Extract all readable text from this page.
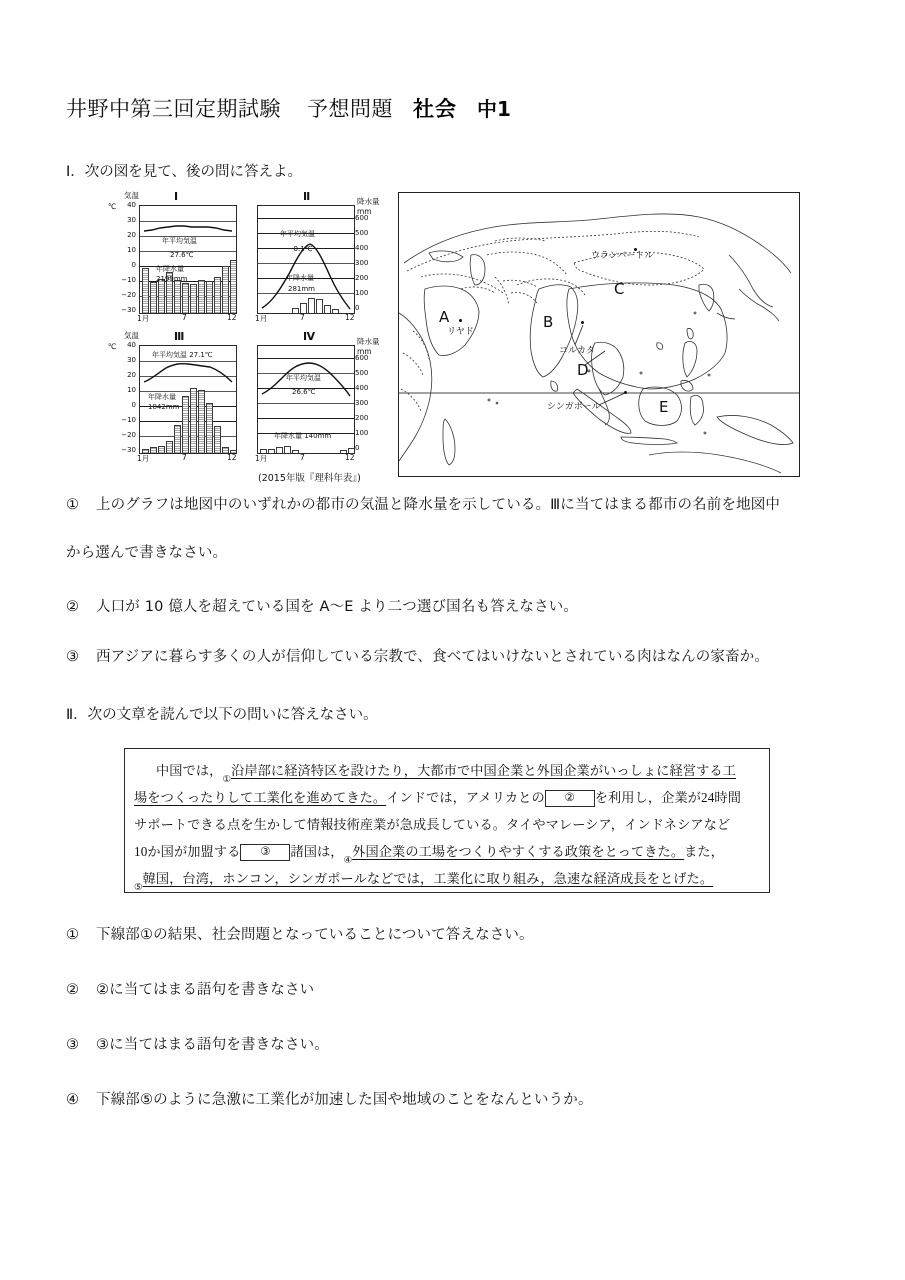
井野中第三回定期試験 予想問題 社会 中1
Ⅰ．次の図を見て、後の問に答えよ。
気温	Ⅰ
℃	40
30
20
10
0
−10
−20
−30
年平均気温
27.6℃
年降水量
2199mm
1月	7	12
Ⅱ	降水量
mm
600
500
400
300
200
100
0
年平均気温
-0.1℃
年降水量
281mm
1月	7	12
気温	Ⅲ
℃	40
30
20
10
0
−10
−20
−30
年平均気温 27.1℃
年降水量
1842mm
1月	7	12
Ⅳ	降水量
mm
600
500
400
300
200
100
0
年平均気温
26.6℃
年降水量 140mm
1月	7	12
(2015年版『理科年表』)
A	B
C
D
E
リヤド
ウランバートル
コルカタ
シンガポール
① 上のグラフは地図中のいずれかの都市の気温と降水量を示している。Ⅲに当てはまる都市の名前を地図中
から選んで書きなさい。
② 人口が 10 億人を超えている国を A〜E より二つ選び国名も答えなさい。
③ 西アジアに暮らす多くの人が信仰している宗教で、食べてはいけないとされている肉はなんの家畜か。
Ⅱ．次の文章を読んで以下の問いに答えなさい。
中国では，$_①$沿岸部に経済特区を設けたり，大都市で中国企業と外国企業がいっしょに経営する工
場をつくったりして工業化を進めてきた。インドでは，アメリカとの ② を利用し，企業が24時間
サポートできる点を生かして情報技術産業が急成長している。タイやマレーシア，インドネシアなど
10か国が加盟する ③ 諸国は，$_④$外国企業の工場をつくりやすくする政策をとってきた。また，
$_⑤$韓国，台湾，ホンコン，シンガポールなどでは，工業化に取り組み，急速な経済成長をとげた。
① 下線部①の結果、社会問題となっていることについて答えなさい。
② ②に当てはまる語句を書きなさい
③ ③に当てはまる語句を書きなさい。
④ 下線部⑤のように急激に工業化が加速した国や地域のことをなんというか。
